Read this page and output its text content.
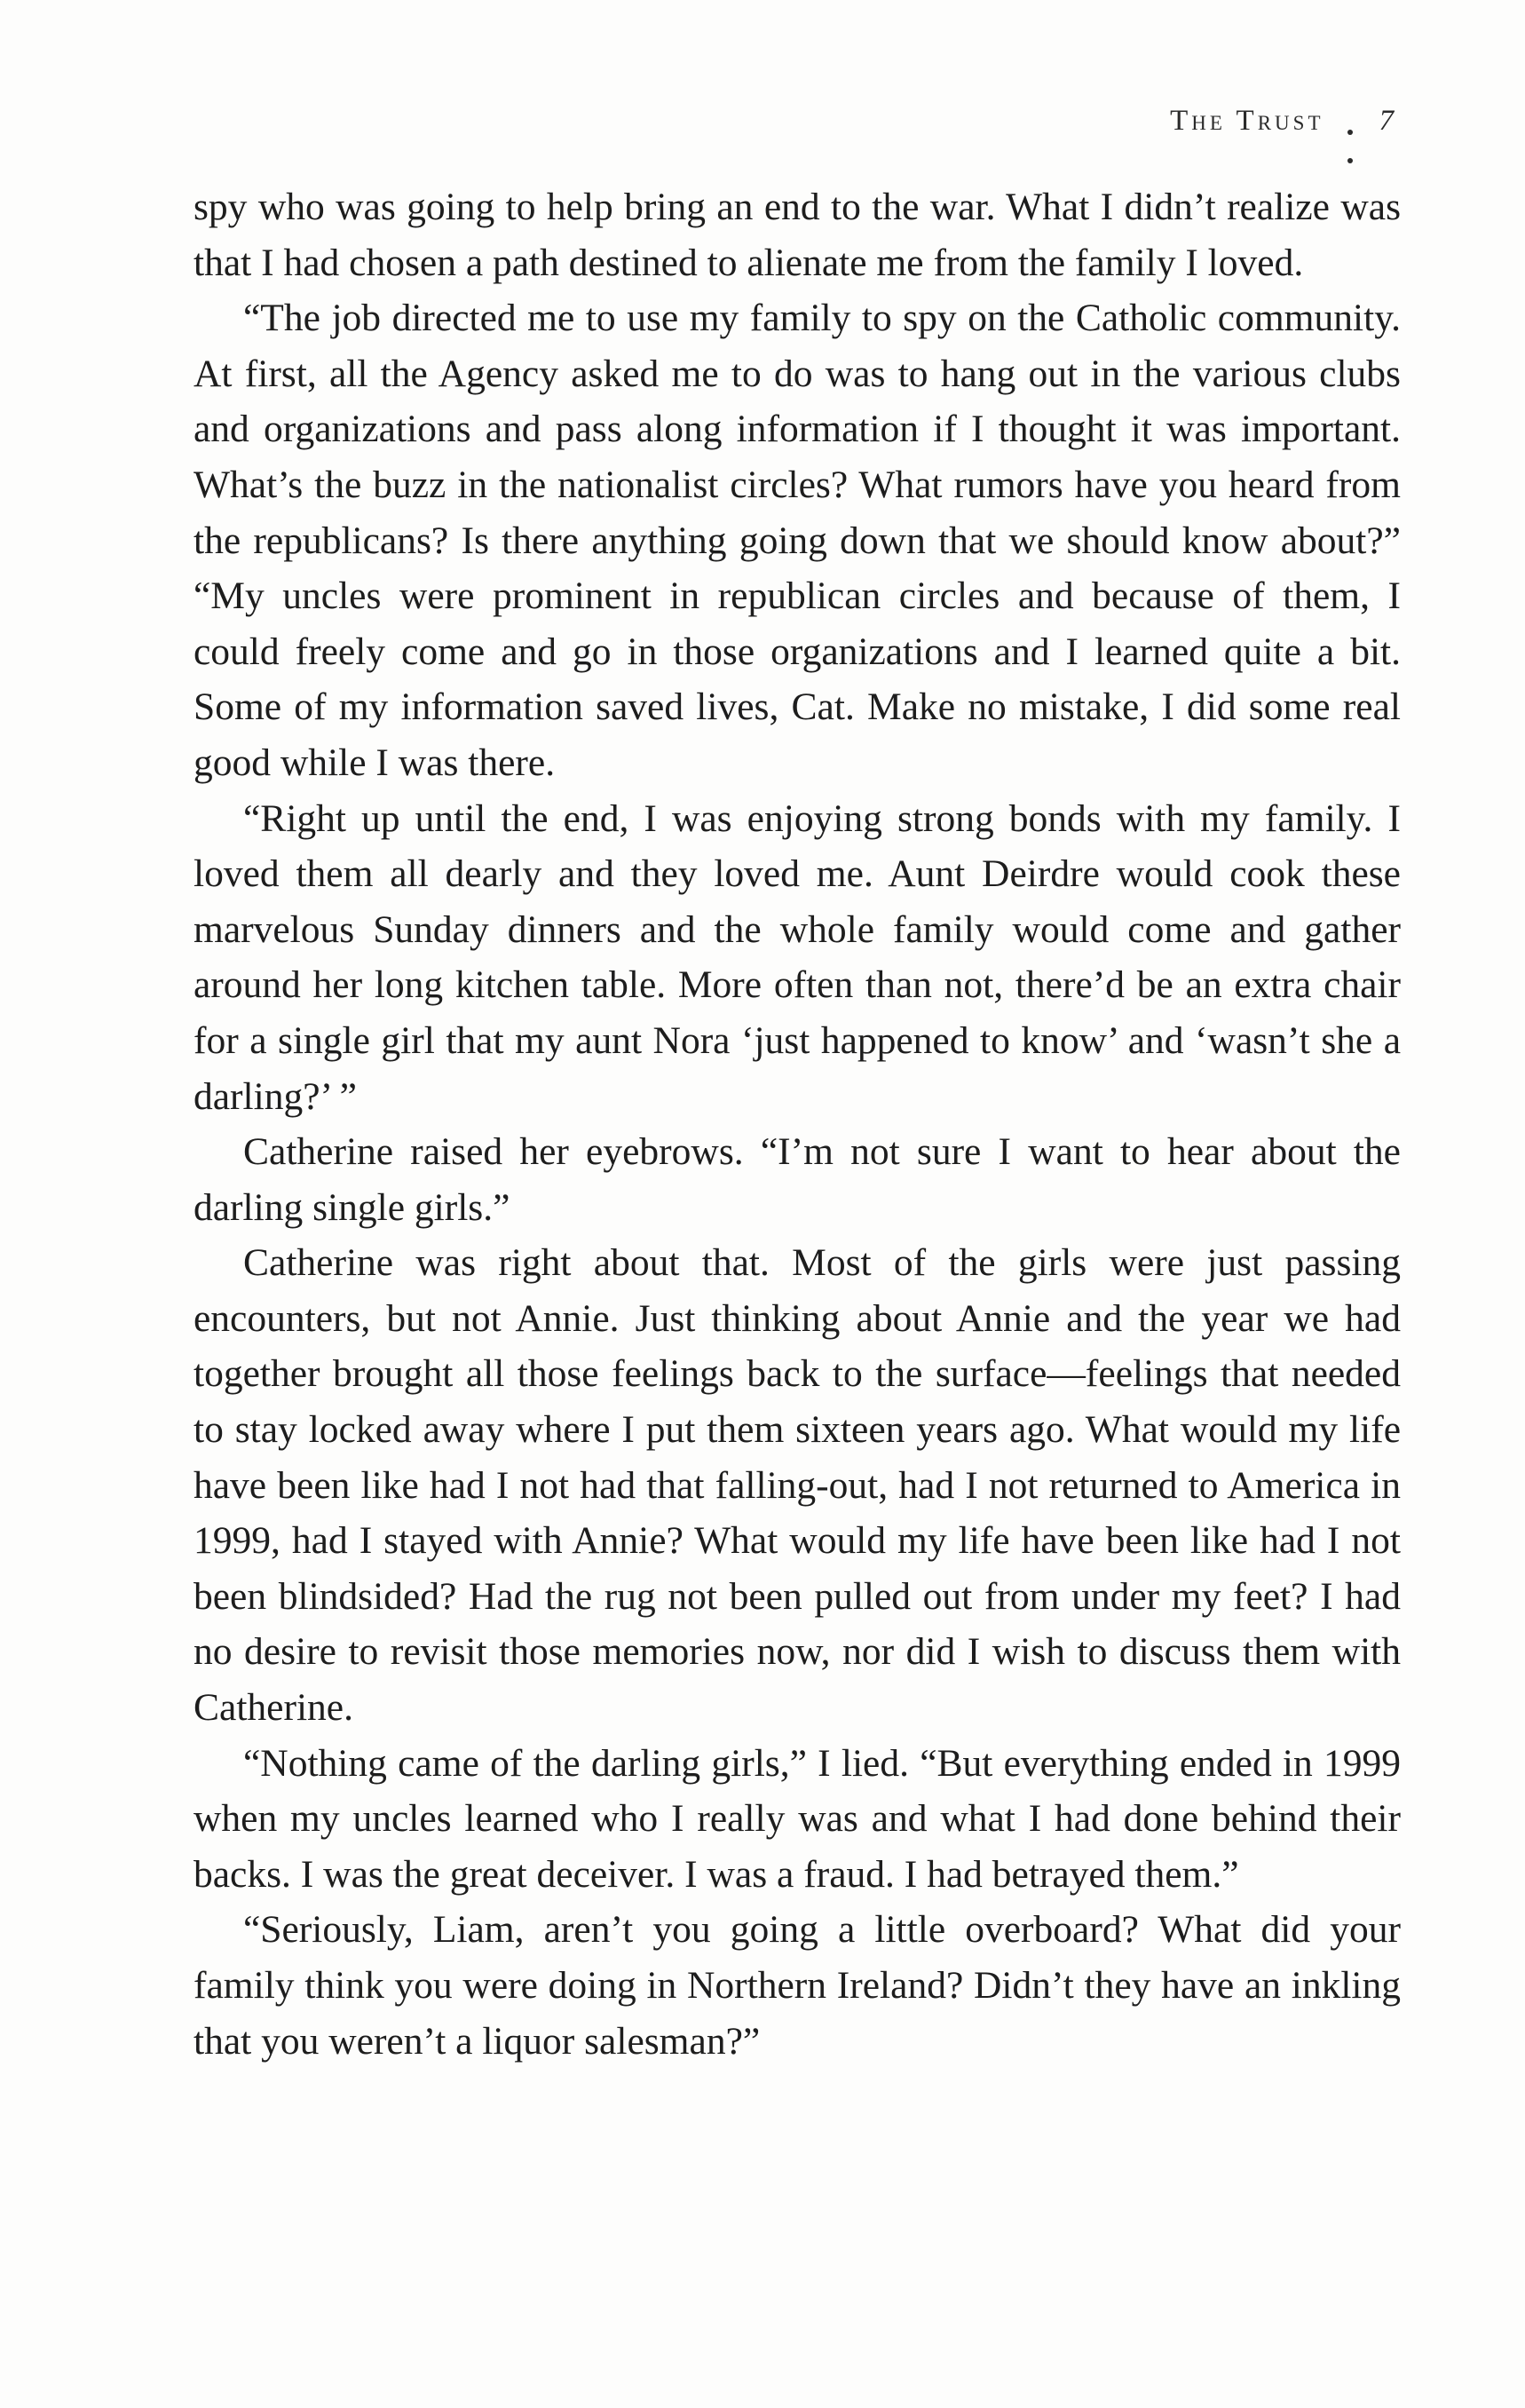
The Trust 7

spy who was going to help bring an end to the war. What I didn’t realize was that I had chosen a path destined to alienate me from the family I loved.

“The job directed me to use my family to spy on the Catholic community. At first, all the Agency asked me to do was to hang out in the various clubs and organizations and pass along information if I thought it was important. What’s the buzz in the nationalist circles? What rumors have you heard from the republicans? Is there anything going down that we should know about?” “My uncles were prominent in republican circles and because of them, I could freely come and go in those organizations and I learned quite a bit. Some of my information saved lives, Cat. Make no mistake, I did some real good while I was there.

“Right up until the end, I was enjoying strong bonds with my family. I loved them all dearly and they loved me. Aunt Deirdre would cook these marvelous Sunday dinners and the whole family would come and gather around her long kitchen table. More often than not, there’d be an extra chair for a single girl that my aunt Nora ‘just happened to know’ and ‘wasn’t she a darling?’ ”

Catherine raised her eyebrows. “I’m not sure I want to hear about the darling single girls.”

Catherine was right about that. Most of the girls were just passing encounters, but not Annie. Just thinking about Annie and the year we had together brought all those feelings back to the surface—feelings that needed to stay locked away where I put them sixteen years ago. What would my life have been like had I not had that falling-out, had I not returned to America in 1999, had I stayed with Annie? What would my life have been like had I not been blindsided? Had the rug not been pulled out from under my feet? I had no desire to revisit those memories now, nor did I wish to discuss them with Catherine.

“Nothing came of the darling girls,” I lied. “But everything ended in 1999 when my uncles learned who I really was and what I had done behind their backs. I was the great deceiver. I was a fraud. I had betrayed them.”

“Seriously, Liam, aren’t you going a little overboard? What did your family think you were doing in Northern Ireland? Didn’t they have an inkling that you weren’t a liquor salesman?”
